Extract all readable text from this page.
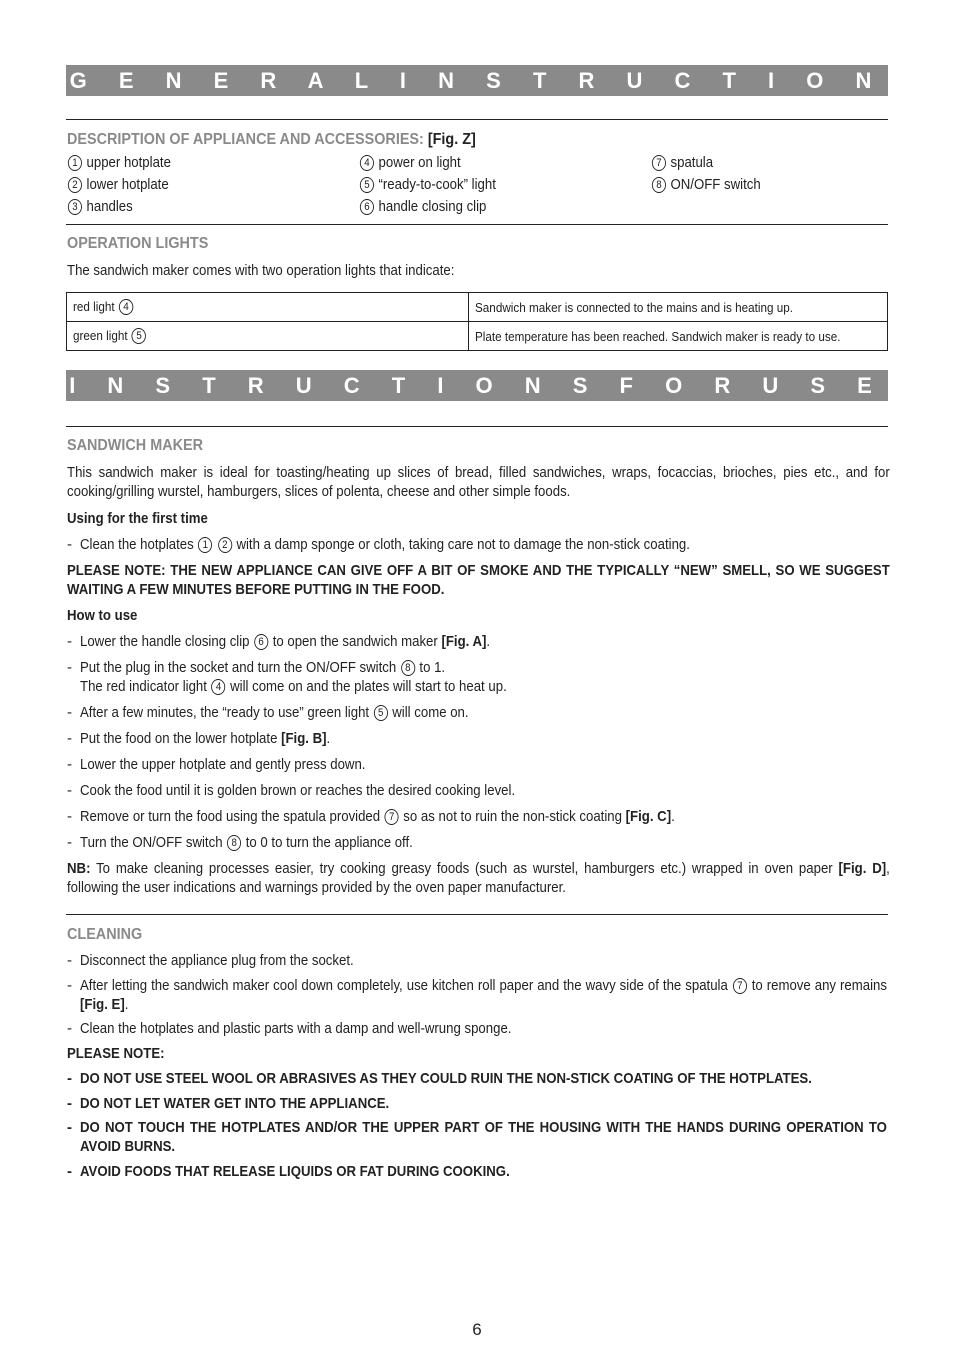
G E N E R A L I N S T R U C T I O N S
DESCRIPTION OF APPLIANCE AND ACCESSORIES: [Fig. Z]
1 upper hotplate
2 lower hotplate
3 handles
4 power on light
5 “ready-to-cook” light
6 handle closing clip
7 spatula
8 ON/OFF switch
OPERATION LIGHTS
The sandwich maker comes with two operation lights that indicate:
red light 4	Sandwich maker is connected to the mains and is heating up.
green light 5	Plate temperature has been reached. Sandwich maker is ready to use.
I N S T R U C T I O N S F O R U S E
SANDWICH MAKER
This sandwich maker is ideal for toasting/heating up slices of bread, filled sandwiches, wraps, focaccias, brioches, pies etc., and for cooking/grilling wurstel, hamburgers, slices of polenta, cheese and other simple foods.
Using for the first time
- Clean the hotplates 1 2 with a damp sponge or cloth, taking care not to damage the non-stick coating.
PLEASE NOTE: THE NEW APPLIANCE CAN GIVE OFF A BIT OF SMOKE AND THE TYPICALLY “NEW” SMELL, SO WE SUGGEST WAITING A FEW MINUTES BEFORE PUTTING IN THE FOOD.
How to use
- Lower the handle closing clip 6 to open the sandwich maker [Fig. A].
- Put the plug in the socket and turn the ON/OFF switch 8 to 1.
The red indicator light 4 will come on and the plates will start to heat up.
- After a few minutes, the “ready to use” green light 5 will come on.
- Put the food on the lower hotplate [Fig. B].
- Lower the upper hotplate and gently press down.
- Cook the food until it is golden brown or reaches the desired cooking level.
- Remove or turn the food using the spatula provided 7 so as not to ruin the non-stick coating [Fig. C].
- Turn the ON/OFF switch 8 to 0 to turn the appliance off.
NB: To make cleaning processes easier, try cooking greasy foods (such as wurstel, hamburgers etc.) wrapped in oven paper [Fig. D], following the user indications and warnings provided by the oven paper manufacturer.
CLEANING
- Disconnect the appliance plug from the socket.
- After letting the sandwich maker cool down completely, use kitchen roll paper and the wavy side of the spatula 7 to remove any remains [Fig. E].
- Clean the hotplates and plastic parts with a damp and well-wrung sponge.
PLEASE NOTE:
- DO NOT USE STEEL WOOL OR ABRASIVES AS THEY COULD RUIN THE NON-STICK COATING OF THE HOTPLATES.
- DO NOT LET WATER GET INTO THE APPLIANCE.
- DO NOT TOUCH THE HOTPLATES AND/OR THE UPPER PART OF THE HOUSING WITH THE HANDS DURING OPERATION TO AVOID BURNS.
- AVOID FOODS THAT RELEASE LIQUIDS OR FAT DURING COOKING.
6
